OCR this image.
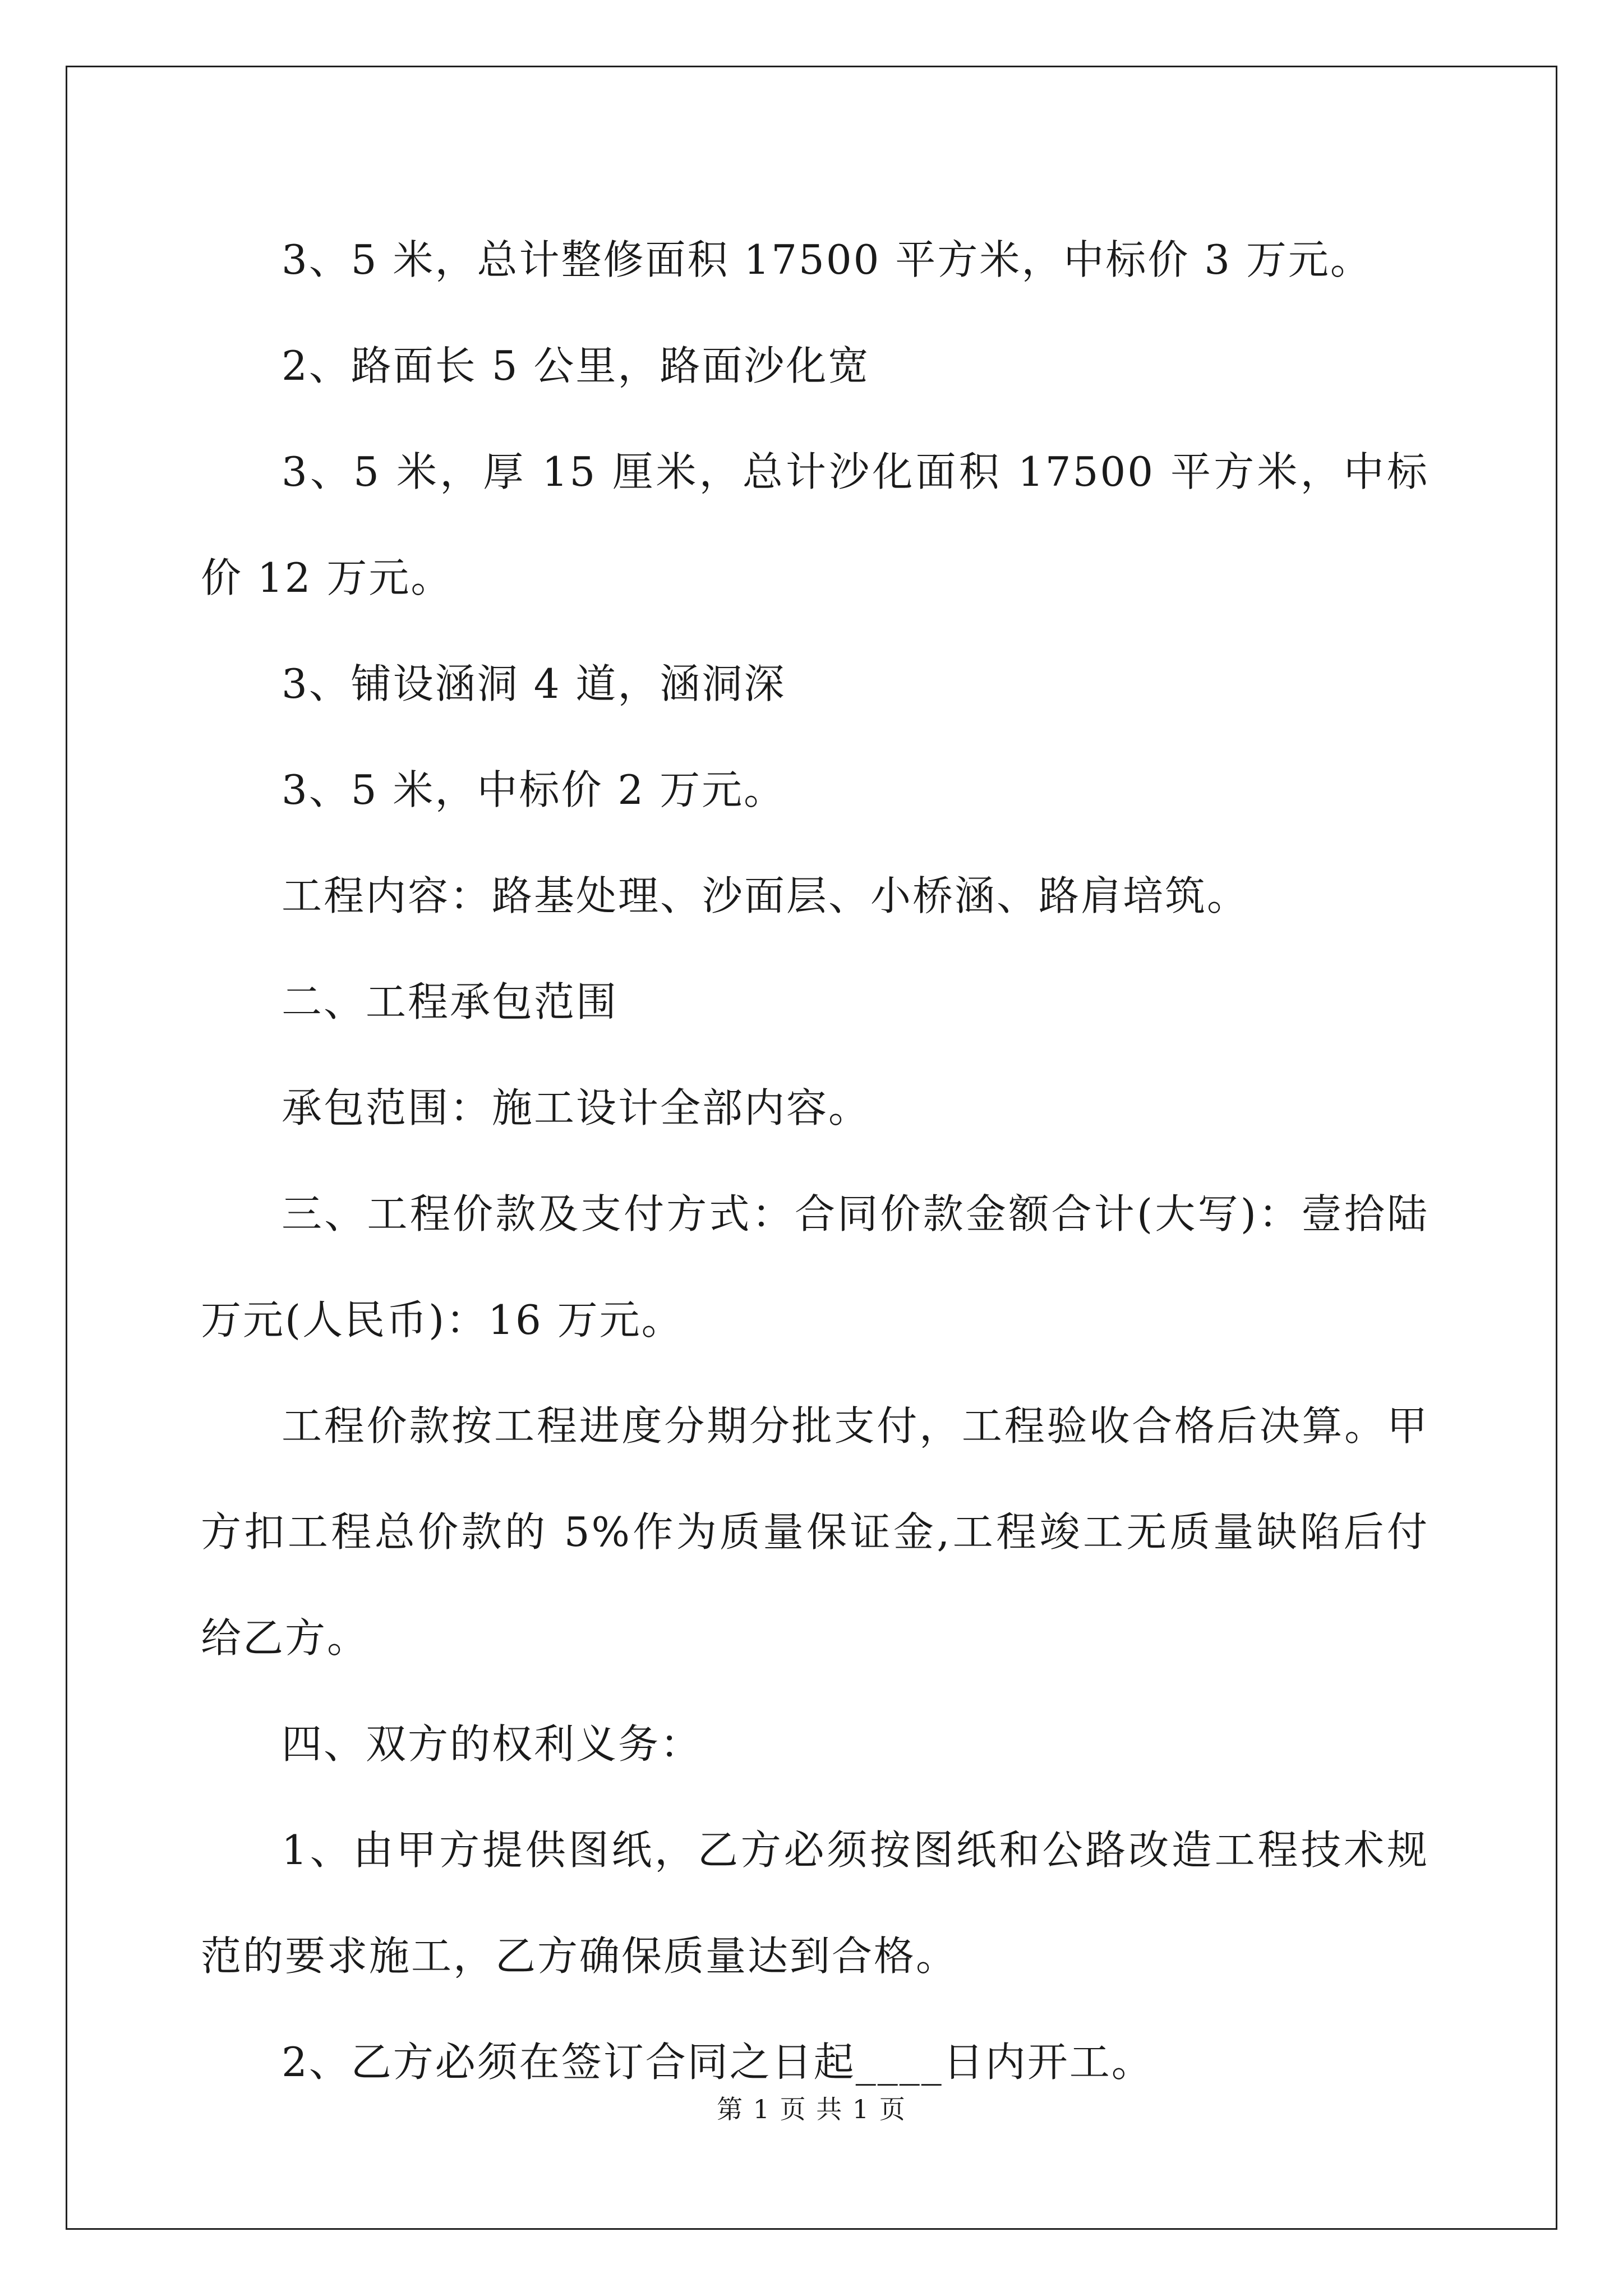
3、5 米，总计整修面积 17500 平方米，中标价 3 万元。

2、路面长 5 公里，路面沙化宽

3、5 米，厚 15 厘米，总计沙化面积 17500 平方米，中标价 12 万元。

3、铺设涵洞 4 道，涵洞深

3、5 米，中标价 2 万元。

工程内容：路基处理、沙面层、小桥涵、路肩培筑。

二、工程承包范围

承包范围：施工设计全部内容。

三、工程价款及支付方式：合同价款金额合计(大写)：壹拾陆万元(人民币)：16 万元。

工程价款按工程进度分期分批支付，工程验收合格后决算。甲方扣工程总价款的 5%作为质量保证金,工程竣工无质量缺陷后付给乙方。

四、双方的权利义务：

1、由甲方提供图纸，乙方必须按图纸和公路改造工程技术规范的要求施工，乙方确保质量达到合格。

2、乙方必须在签订合同之日起____日内开工。

第 1 页 共 1 页
